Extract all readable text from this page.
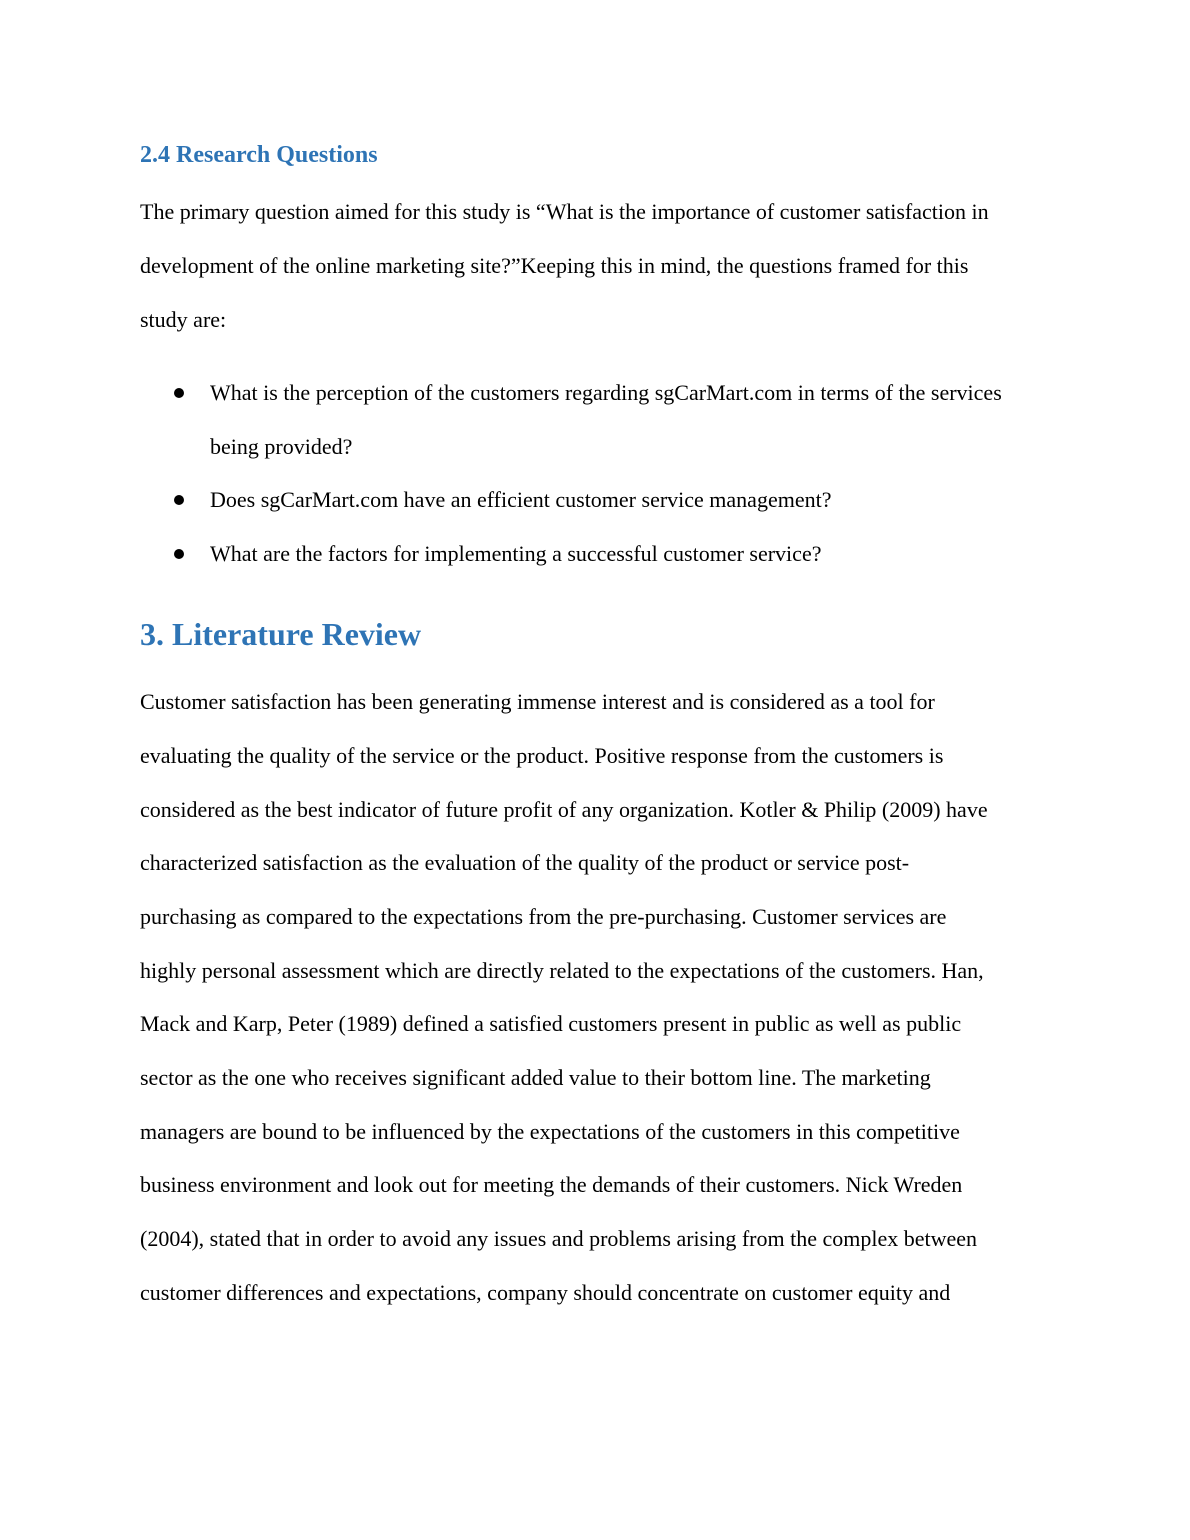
2.4 Research Questions

The primary question aimed for this study is “What is the importance of customer satisfaction in

development of the online marketing site?”Keeping this in mind, the questions framed for this

study are:

What is the perception of the customers regarding sgCarMart.com in terms of the services

being provided?

Does sgCarMart.com have an efficient customer service management?

What are the factors for implementing a successful customer service?

3. Literature Review

Customer satisfaction has been generating immense interest and is considered as a tool for

evaluating the quality of the service or the product. Positive response from the customers is

considered as the best indicator of future profit of any organization. Kotler & Philip (2009) have

characterized satisfaction as the evaluation of the quality of the product or service post-

purchasing as compared to the expectations from the pre-purchasing. Customer services are

highly personal assessment which are directly related to the expectations of the customers. Han,

Mack and Karp, Peter (1989) defined a satisfied customers present in public as well as public

sector as the one who receives significant added value to their bottom line. The marketing

managers are bound to be influenced by the expectations of the customers in this competitive

business environment and look out for meeting the demands of their customers. Nick Wreden

(2004), stated that in order to avoid any issues and problems arising from the complex between

customer differences and expectations, company should concentrate on customer equity and
